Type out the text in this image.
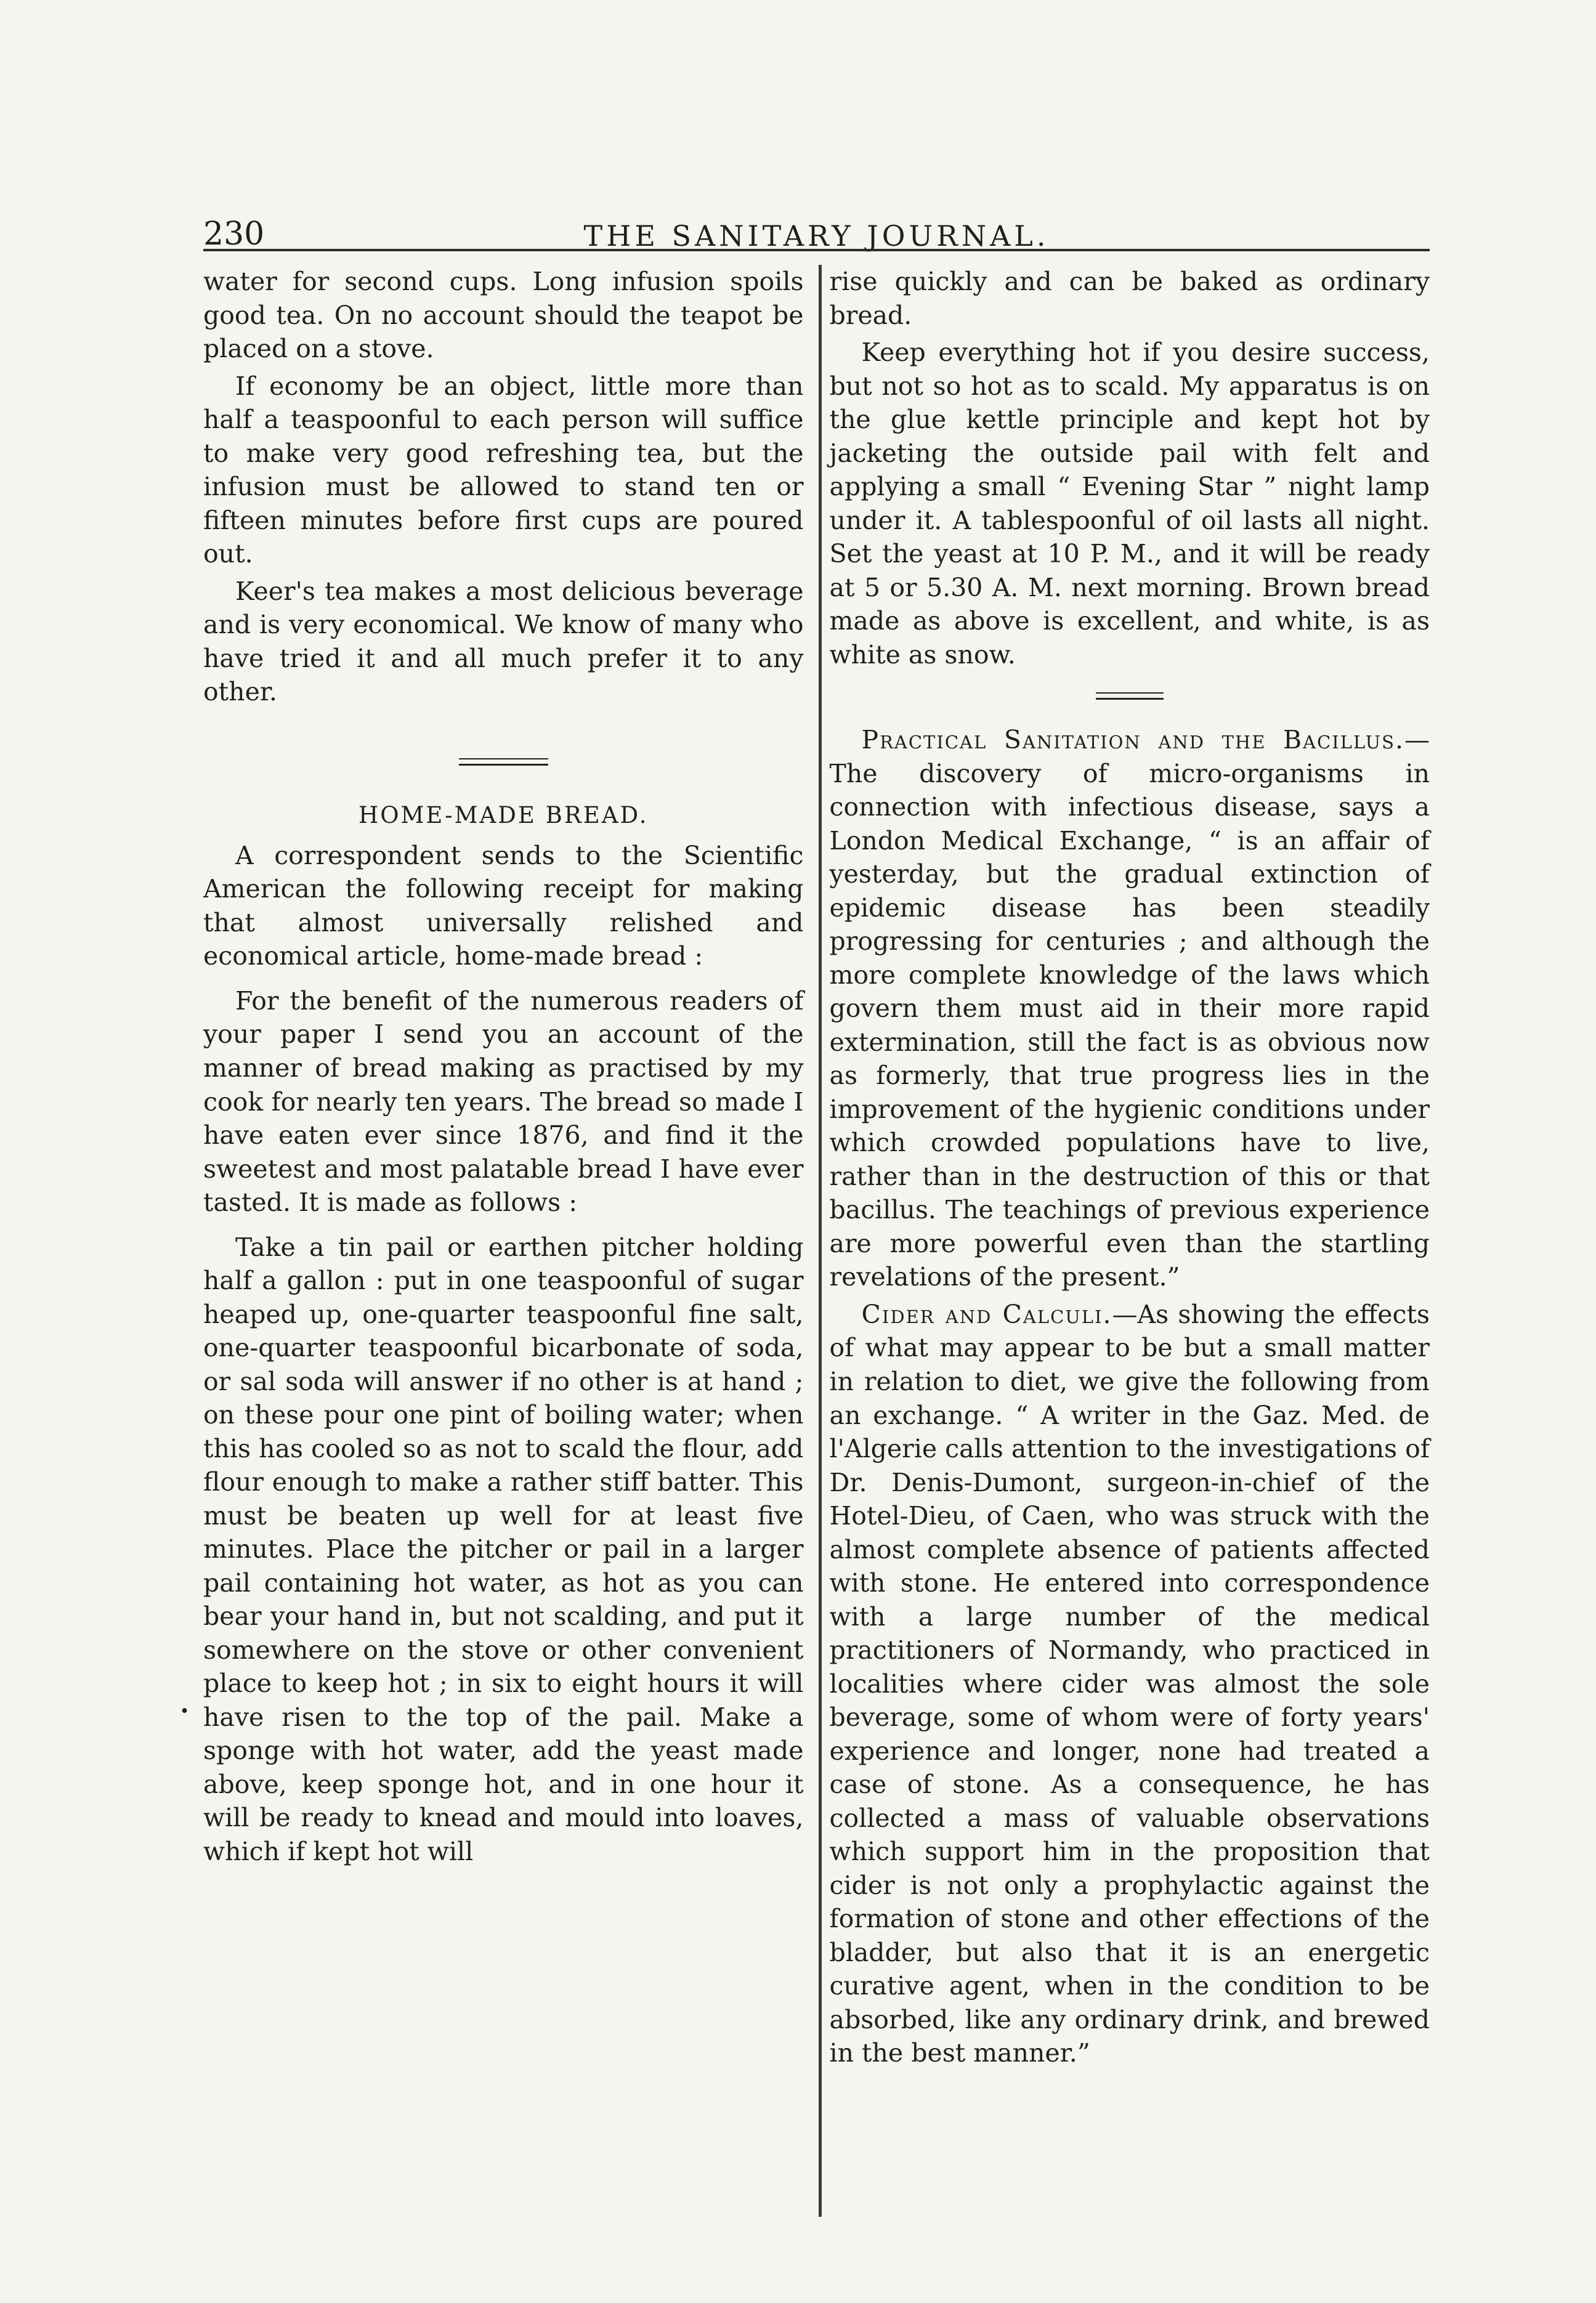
230	THE SANITARY JOURNAL.

water for second cups. Long infusion spoils good tea. On no account should the teapot be placed on a stove.

If economy be an object, little more than half a teaspoonful to each person will suffice to make very good refreshing tea, but the infusion must be allowed to stand ten or fifteen minutes before first cups are poured out.

Keer's tea makes a most delicious beverage and is very economical. We know of many who have tried it and all much prefer it to any other.

HOME-MADE BREAD.

A correspondent sends to the Scientific American the following receipt for making that almost universally relished and economical article, home-made bread :

For the benefit of the numerous readers of your paper I send you an account of the manner of bread making as practised by my cook for nearly ten years. The bread so made I have eaten ever since 1876, and find it the sweetest and most palatable bread I have ever tasted. It is made as follows :

Take a tin pail or earthen pitcher holding half a gallon : put in one teaspoonful of sugar heaped up, one-quarter teaspoonful fine salt, one-quarter teaspoonful bicarbonate of soda, or sal soda will answer if no other is at hand ; on these pour one pint of boiling water; when this has cooled so as not to scald the flour, add flour enough to make a rather stiff batter. This must be beaten up well for at least five minutes. Place the pitcher or pail in a larger pail containing hot water, as hot as you can bear your hand in, but not scalding, and put it somewhere on the stove or other convenient place to keep hot ; in six to eight hours it will have risen to the top of the pail. Make a sponge with hot water, add the yeast made above, keep sponge hot, and in one hour it will be ready to knead and mould into loaves, which if kept hot will

rise quickly and can be baked as ordinary bread.

Keep everything hot if you desire success, but not so hot as to scald. My apparatus is on the glue kettle principle and kept hot by jacketing the outside pail with felt and applying a small “ Evening Star ” night lamp under it. A tablespoonful of oil lasts all night. Set the yeast at 10 P. M., and it will be ready at 5 or 5.30 A. M. next morning. Brown bread made as above is excellent, and white, is as white as snow.

Practical Sanitation and the Bacillus.—The discovery of micro-organisms in connection with infectious disease, says a London Medical Exchange, “ is an affair of yesterday, but the gradual extinction of epidemic disease has been steadily progressing for centuries ; and although the more complete knowledge of the laws which govern them must aid in their more rapid extermination, still the fact is as obvious now as formerly, that true progress lies in the improvement of the hygienic conditions under which crowded populations have to live, rather than in the destruction of this or that bacillus. The teachings of previous experience are more powerful even than the startling revelations of the present.”

Cider and Calculi.—As showing the effects of what may appear to be but a small matter in relation to diet, we give the following from an exchange. “ A writer in the Gaz. Med. de l'Algerie calls attention to the investigations of Dr. Denis-Dumont, surgeon-in-chief of the Hotel-Dieu, of Caen, who was struck with the almost complete absence of patients affected with stone. He entered into correspondence with a large number of the medical practitioners of Normandy, who practiced in localities where cider was almost the sole beverage, some of whom were of forty years' experience and longer, none had treated a case of stone. As a consequence, he has collected a mass of valuable observations which support him in the proposition that cider is not only a prophylactic against the formation of stone and other effections of the bladder, but also that it is an energetic curative agent, when in the condition to be absorbed, like any ordinary drink, and brewed in the best manner.”

.
